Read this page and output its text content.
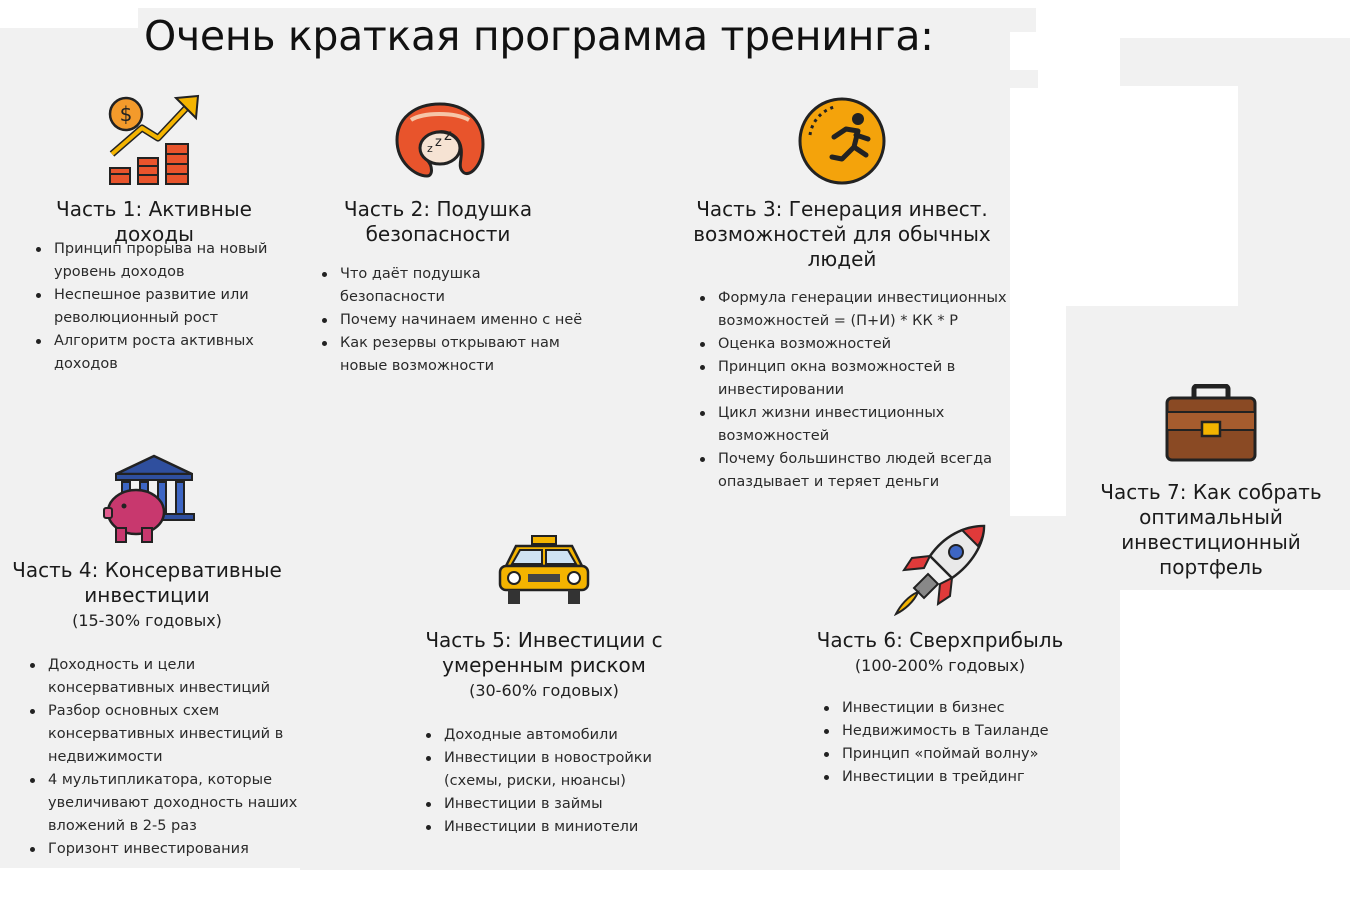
Очень краткая программа тренинга:
$
Часть 1: Активные доходы
Принцип прорыва на новый уровень доходов
Неспешное развитие или революционный рост
Алгоритм роста активных доходов
z z z
Часть 2: Подушка безопасности
Что даёт подушка безопасности
Почему начинаем именно с неё
Как резервы открывают нам новые возможности
Часть 3: Генерация инвест. возможностей для обычных людей
Формула генерации инвестиционных возможностей = (П+И) * КК * Р
Оценка возможностей
Принцип окна возможностей в инвестировании
Цикл жизни инвестиционных возможностей
Почему большинство людей всегда опаздывает и теряет деньги
Часть 4: Консервативные инвестиции
(15-30% годовых)
Доходность и цели консервативных инвестиций
Разбор основных схем консервативных инвестиций в недвижимости
4 мультипликатора, которые увеличивают доходность наших вложений в 2-5 раз
Горизонт инвестирования
Часть 5: Инвестиции с умеренным риском
(30-60% годовых)
Доходные автомобили
Инвестиции в новостройки (схемы, риски, нюансы)
Инвестиции в займы
Инвестиции в миниотели
Часть 6: Сверхприбыль
(100-200% годовых)
Инвестиции в бизнес
Недвижимость в Таиланде
Принцип «поймай волну»
Инвестиции в трейдинг
Часть 7: Как собрать оптимальный инвестиционный портфель
